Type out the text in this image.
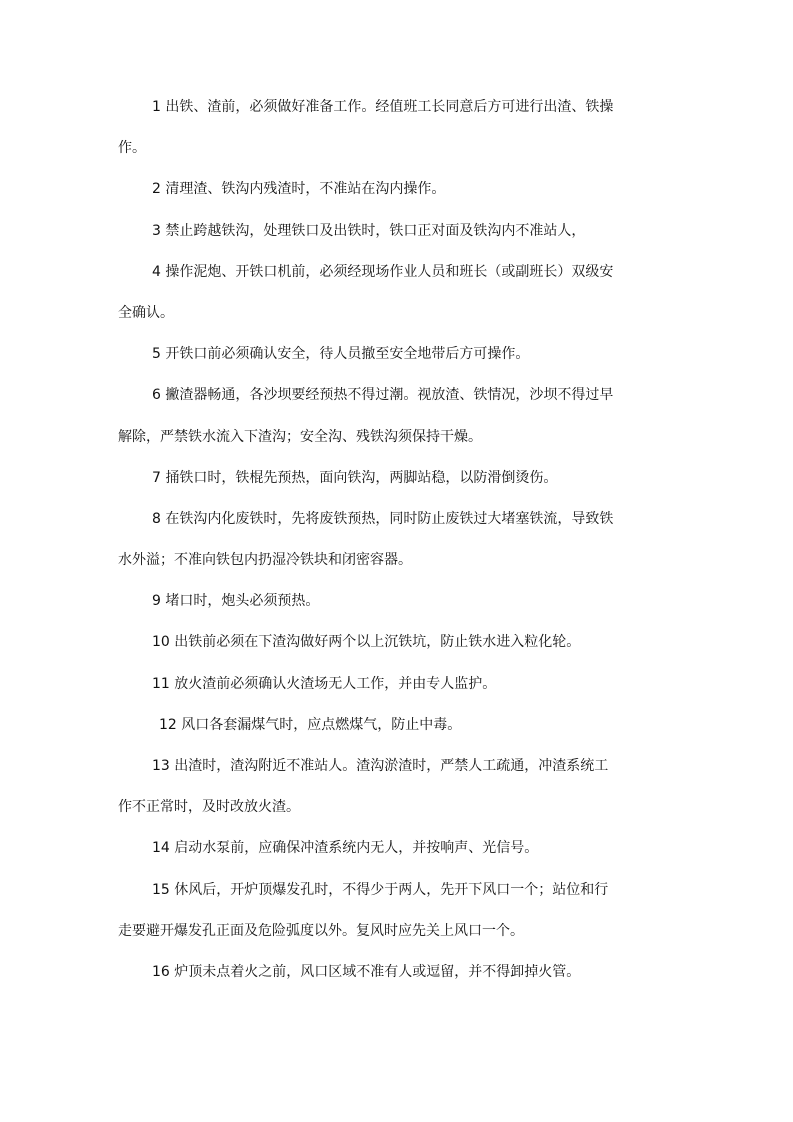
1 出铁、渣前，必须做好准备工作。经值班工长同意后方可进行出渣、铁操
作。
2 清理渣、铁沟内残渣时，不准站在沟内操作。
3 禁止跨越铁沟，处理铁口及出铁时，铁口正对面及铁沟内不准站人，
4 操作泥炮、开铁口机前，必须经现场作业人员和班长（或副班长）双级安
全确认。
5 开铁口前必须确认安全，待人员撤至安全地带后方可操作。
6 撇渣器畅通，各沙坝要经预热不得过潮。视放渣、铁情况，沙坝不得过早
解除，严禁铁水流入下渣沟；安全沟、残铁沟须保持干燥。
7 捅铁口时，铁棍先预热，面向铁沟，两脚站稳，以防滑倒烫伤。
8 在铁沟内化废铁时，先将废铁预热，同时防止废铁过大堵塞铁流，导致铁
水外溢；不准向铁包内扔湿冷铁块和闭密容器。
9 堵口时，炮头必须预热。
10 出铁前必须在下渣沟做好两个以上沉铁坑，防止铁水进入粒化轮。
11 放火渣前必须确认火渣场无人工作，并由专人监护。
12 风口各套漏煤气时，应点燃煤气，防止中毒。
13 出渣时，渣沟附近不准站人。渣沟淤渣时，严禁人工疏通，冲渣系统工
作不正常时，及时改放火渣。
14 启动水泵前，应确保冲渣系统内无人，并按响声、光信号。
15 休风后，开炉顶爆发孔时，不得少于两人，先开下风口一个；站位和行
走要避开爆发孔正面及危险弧度以外。复风时应先关上风口一个。
16 炉顶未点着火之前，风口区域不准有人或逗留，并不得卸掉火管。
